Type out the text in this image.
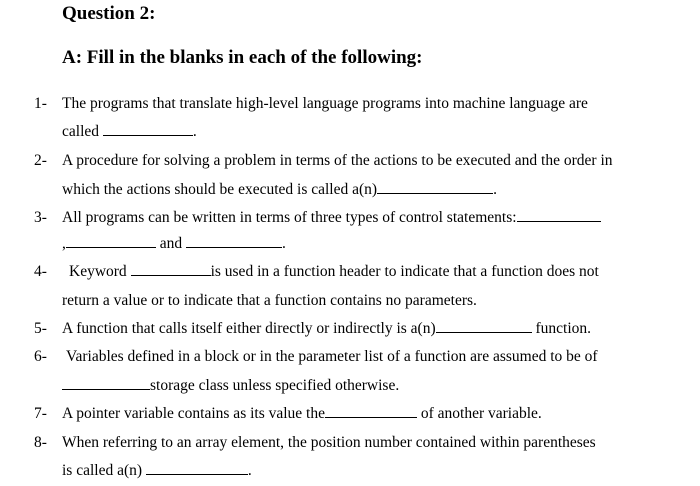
Question 2:
A: Fill in the blanks in each of the following:
1- The programs that translate high-level language programs into machine language are
called	.
2- A procedure for solving a problem in terms of the actions to be executed and the order in
which the actions should be executed is called a(n)	.
3- All programs can be written in terms of three types of control statements:
,	and	.
4- Keyword	is used in a function header to indicate that a function does not
return a value or to indicate that a function contains no parameters.
5- A function that calls itself either directly or indirectly is a(n)	function.
6- Variables defined in a block or in the parameter list of a function are assumed to be of
storage class unless specified otherwise.
7- A pointer variable contains as its value the	of another variable.
8- When referring to an array element, the position number contained within parentheses
is called a(n)	.
